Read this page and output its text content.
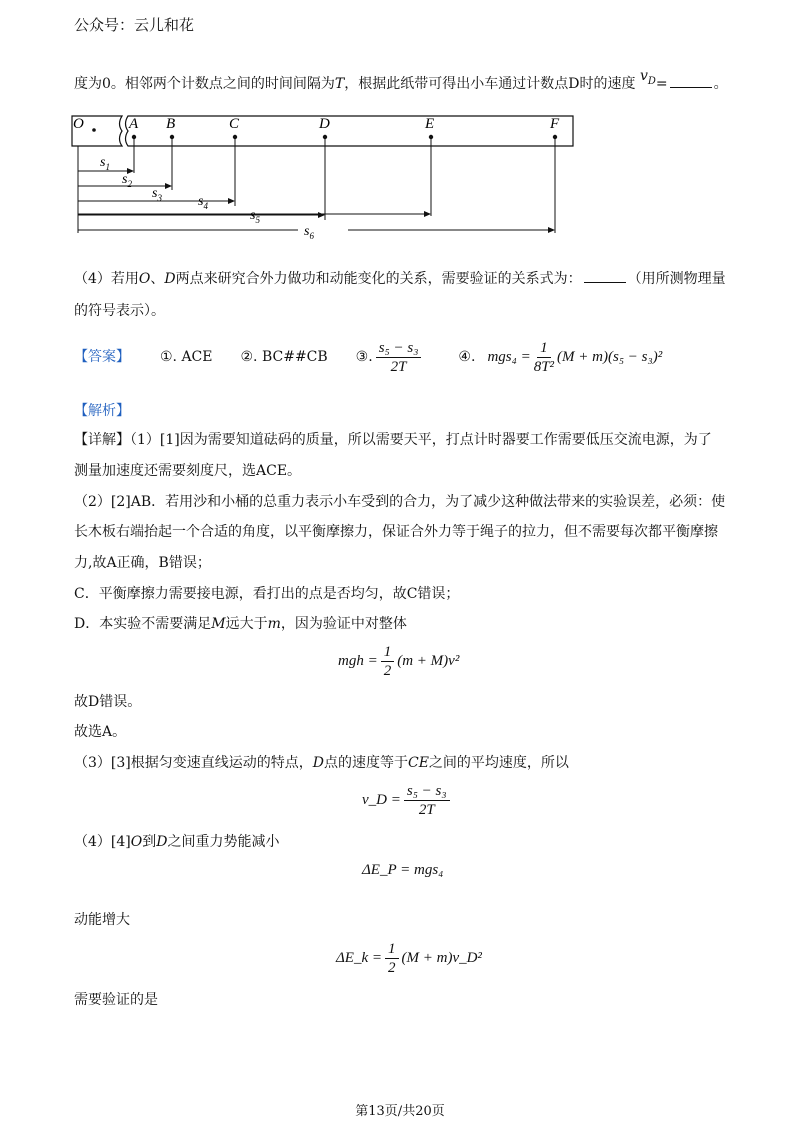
公众号：云儿和花
度为0。相邻两个计数点之间的时间间隔为T，根据此纸带可得出小车通过计数点D时的速度 $v_D=$	。
O	A B	C	D	E	F
$s_1$
$s_2$
$s_3$	$s_4$
$s_5$
$s_6$
（4）若用O、D两点来研究合外力做功和动能变化的关系，需要验证的关系式为：	（用所测物理量
的符号表示）。
【答案】 ①. ACE ②. BC##CB ③. $\frac{\text{s₅ − s₃}}{2T}$	④. $mgs_4 = \frac{1}{\text{8T²}} (M + m)(s_5 - s_3)^2$
【解析】
【详解】（1）[1]因为需要知道砝码的质量，所以需要天平，打点计时器要工作需要低压交流电源，为了
测量加速度还需要刻度尺，选ACE。
（2）[2]AB．若用沙和小桶的总重力表示小车受到的合力，为了减少这种做法带来的实验误差，必须：使
长木板右端抬起一个合适的角度，以平衡摩擦力，保证合外力等于绳子的拉力，但不需要每次都平衡摩擦
力,故A正确，B错误；
C．平衡摩擦力需要接电源，看打出的点是否均匀，故C错误；
D．本实验不需要满足M远大于m，因为验证中对整体
mgh = $\frac{1}{2} (m + M)v^2$
故D错误。
故选A。
（3）[3]根据匀变速直线运动的特点，D点的速度等于CE之间的平均速度，所以
v_D = $\frac{\text{s₅ − s₃}}{2T}$
（4）[4]O到D之间重力势能减小
ΔE_P = mgs₄
动能增大
ΔE_k = $\frac{1}{2} (M$ + m)v_D²
需要验证的是
第13页/共20页
